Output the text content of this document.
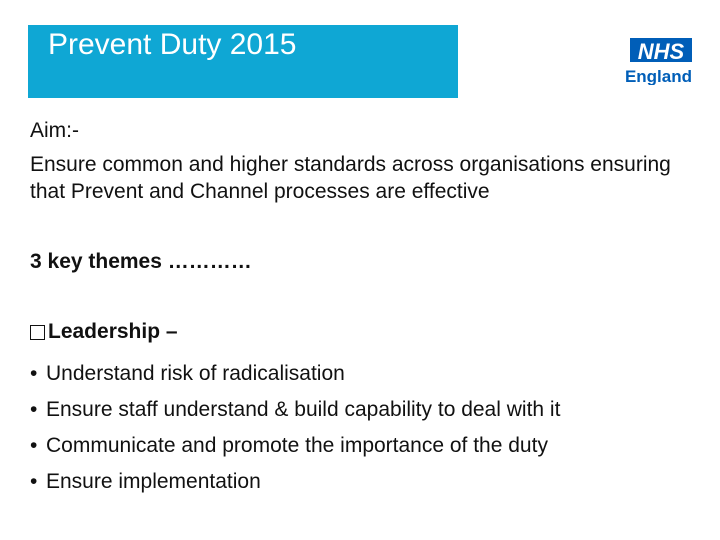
Prevent Duty 2015	NHS
England
Aim:-
Ensure common and higher standards across organisations ensuring that Prevent and Channel processes are effective
3 key themes …………
Leadership –
• Understand risk of radicalisation
• Ensure staff understand & build capability to deal with it
• Communicate and promote the importance of the duty
• Ensure implementation
